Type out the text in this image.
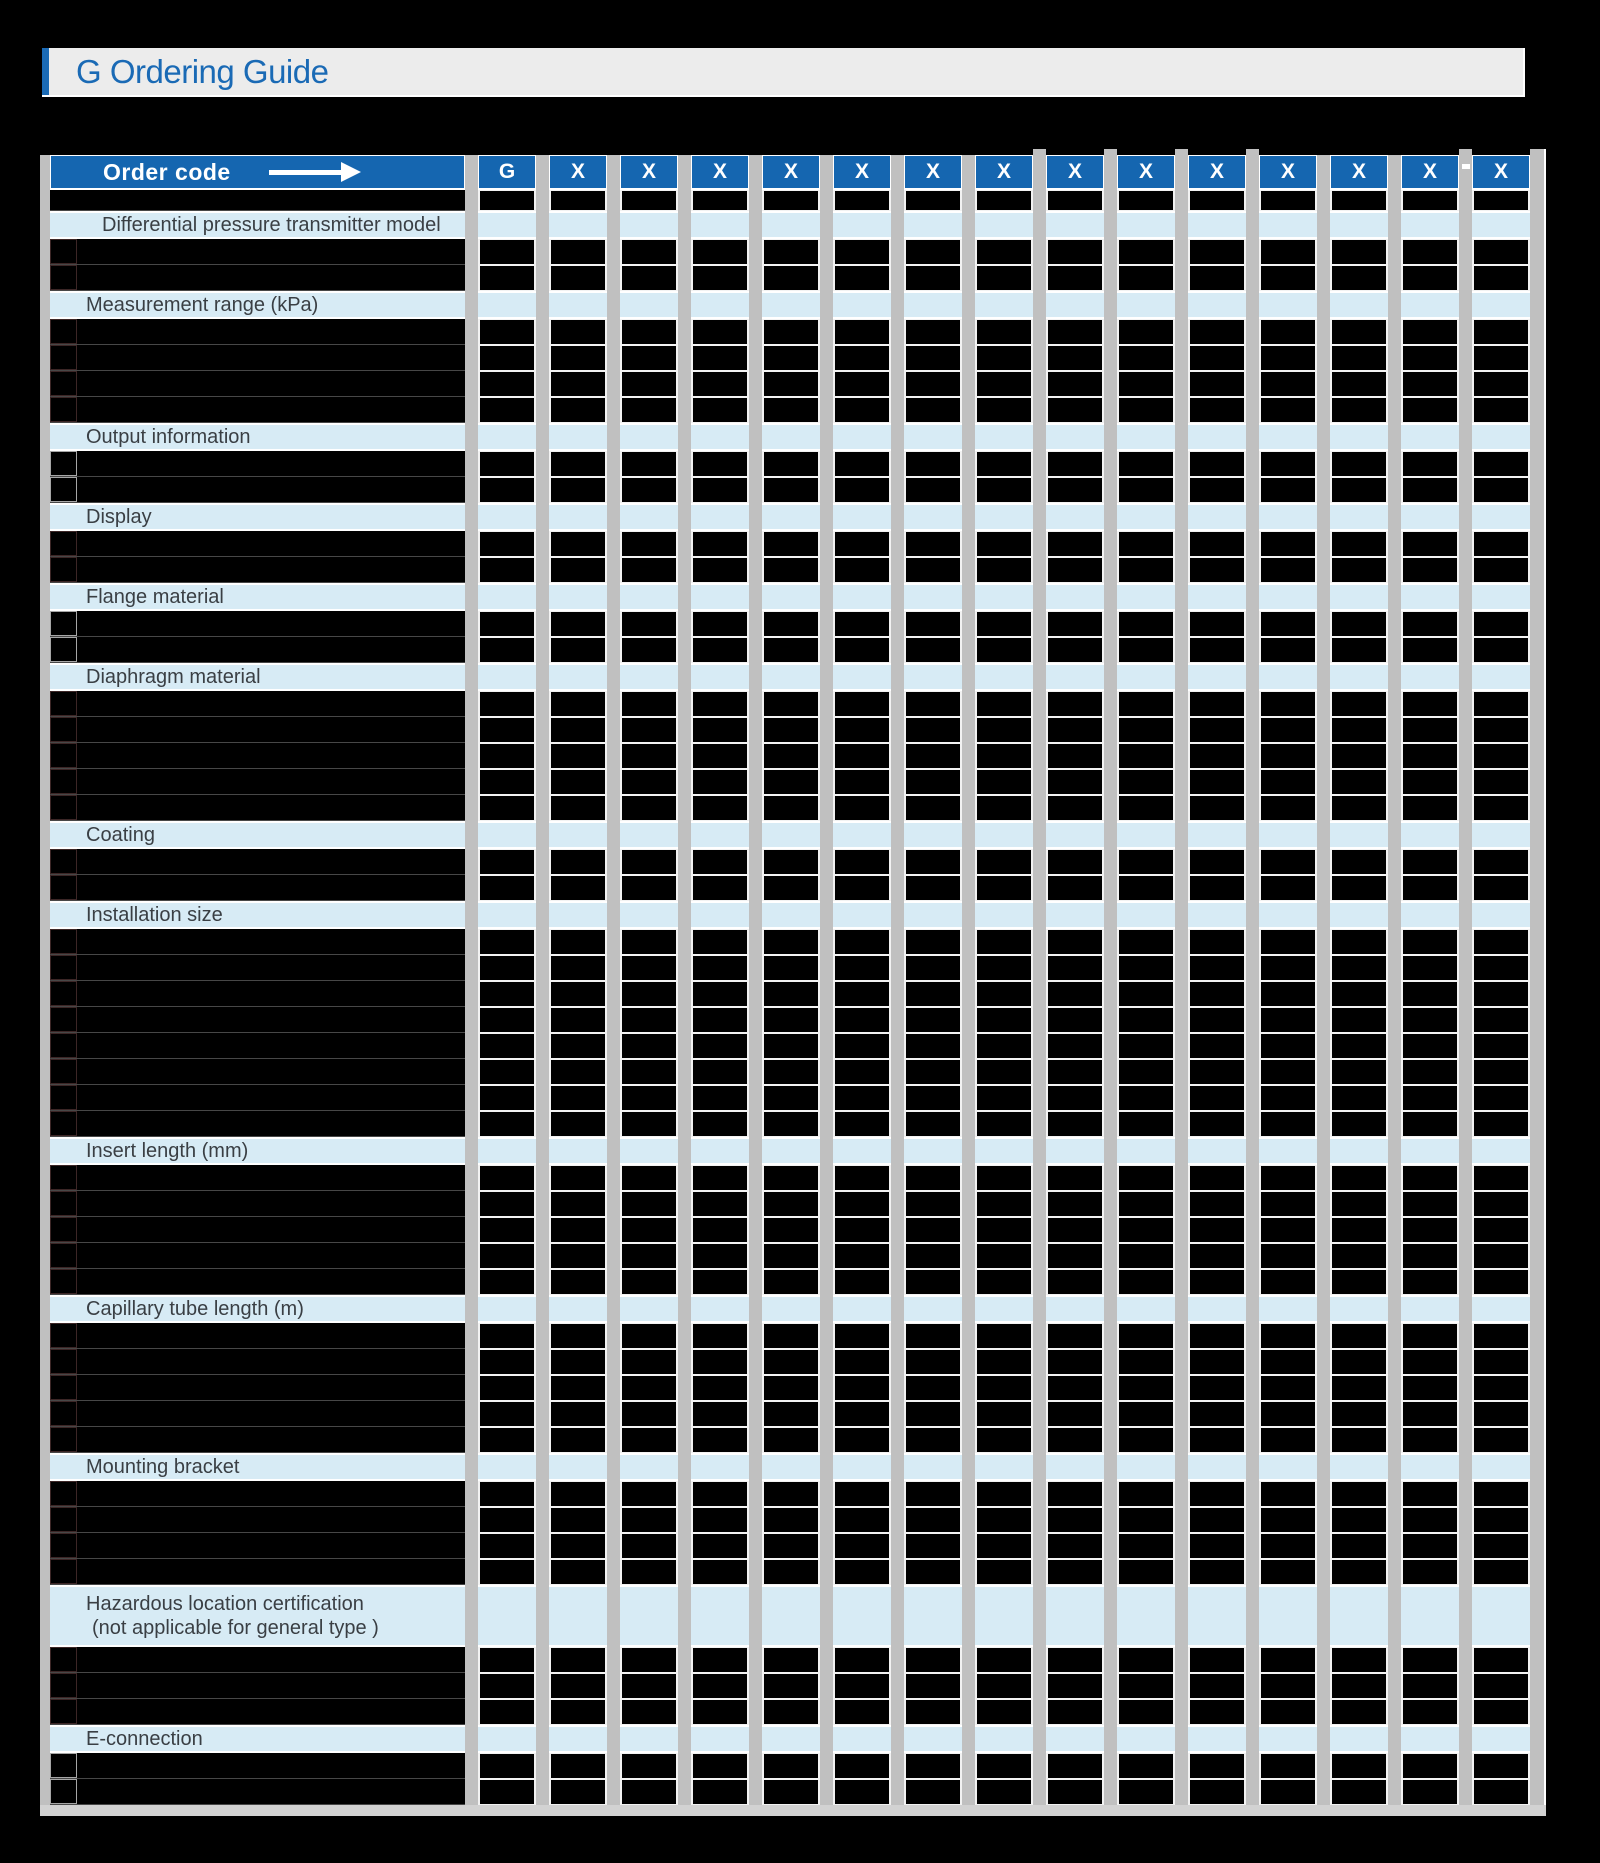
G Ordering Guide
Order code	G	X	X	X	X	X	X	X	X	X	X	X	X	X	X
Differential pressure transmitter model
Measurement range (kPa)
Output information
Display
Flange material
Diaphragm material
Coating
Installation size
Insert length (mm)
Capillary tube length (m)
Mounting bracket
Hazardous location certification
(not applicable for general type )
E-connection
